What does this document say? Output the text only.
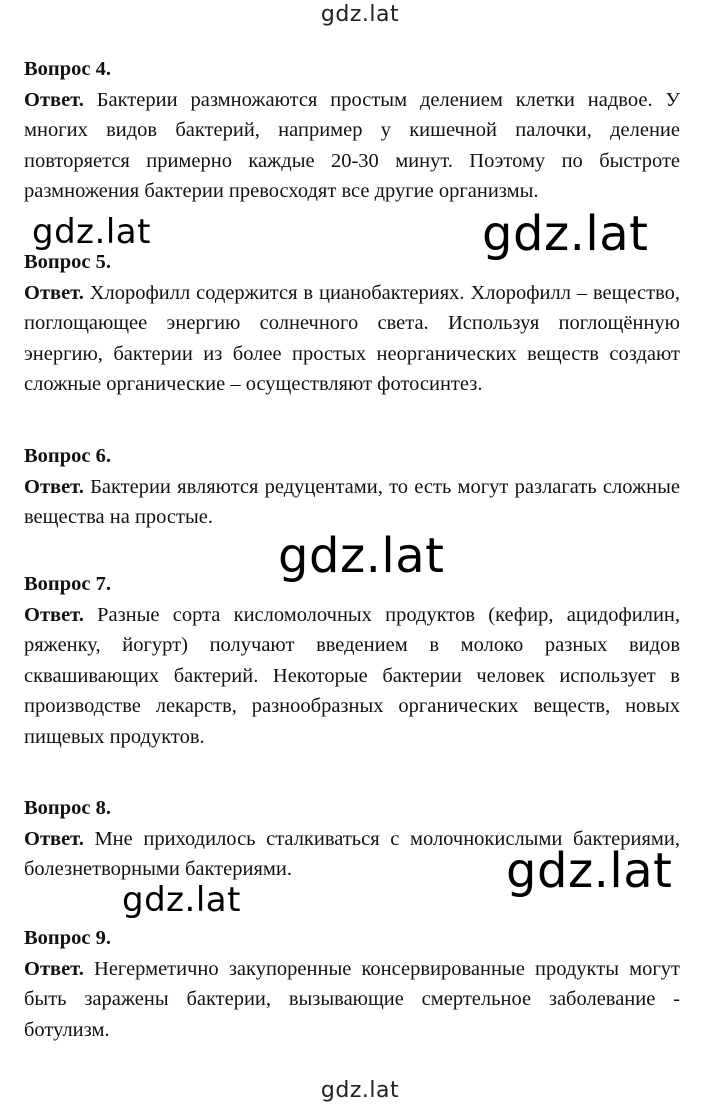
gdz.lat
Вопрос 4.

Ответ. Бактерии размножаются простым делением клетки надвое. У многих видов бактерий, например у кишечной палочки, деление повторяется примерно каждые 20-30 минут. Поэтому по быстроте размножения бактерии превосходят все другие организмы.

Вопрос 5.

Ответ. Хлорофилл содержится в цианобактериях. Хлорофилл – вещество, поглощающее энергию солнечного света. Используя поглощённую энергию, бактерии из более простых неорганических веществ создают сложные органические – осуществляют фотосинтез.

Вопрос 6.

Ответ. Бактерии являются редуцентами, то есть могут разлагать сложные вещества на простые.

Вопрос 7.

Ответ. Разные сорта кисломолочных продуктов (кефир, ацидофилин, ряженку, йогурт) получают введением в молоко разных видов сквашивающих бактерий. Некоторые бактерии человек использует в производстве лекарств, разнообразных органических веществ, новых пищевых продуктов.

Вопрос 8.

Ответ. Мне приходилось сталкиваться с молочнокислыми бактериями, болезнетворными бактериями.

Вопрос 9.

Ответ. Негерметично закупоренные консервированные продукты могут быть заражены бактерии, вызывающие смертельное заболевание - ботулизм.

gdz.lat	gdz.lat
gdz.lat
gdz.lat
gdz.lat
gdz.lat
